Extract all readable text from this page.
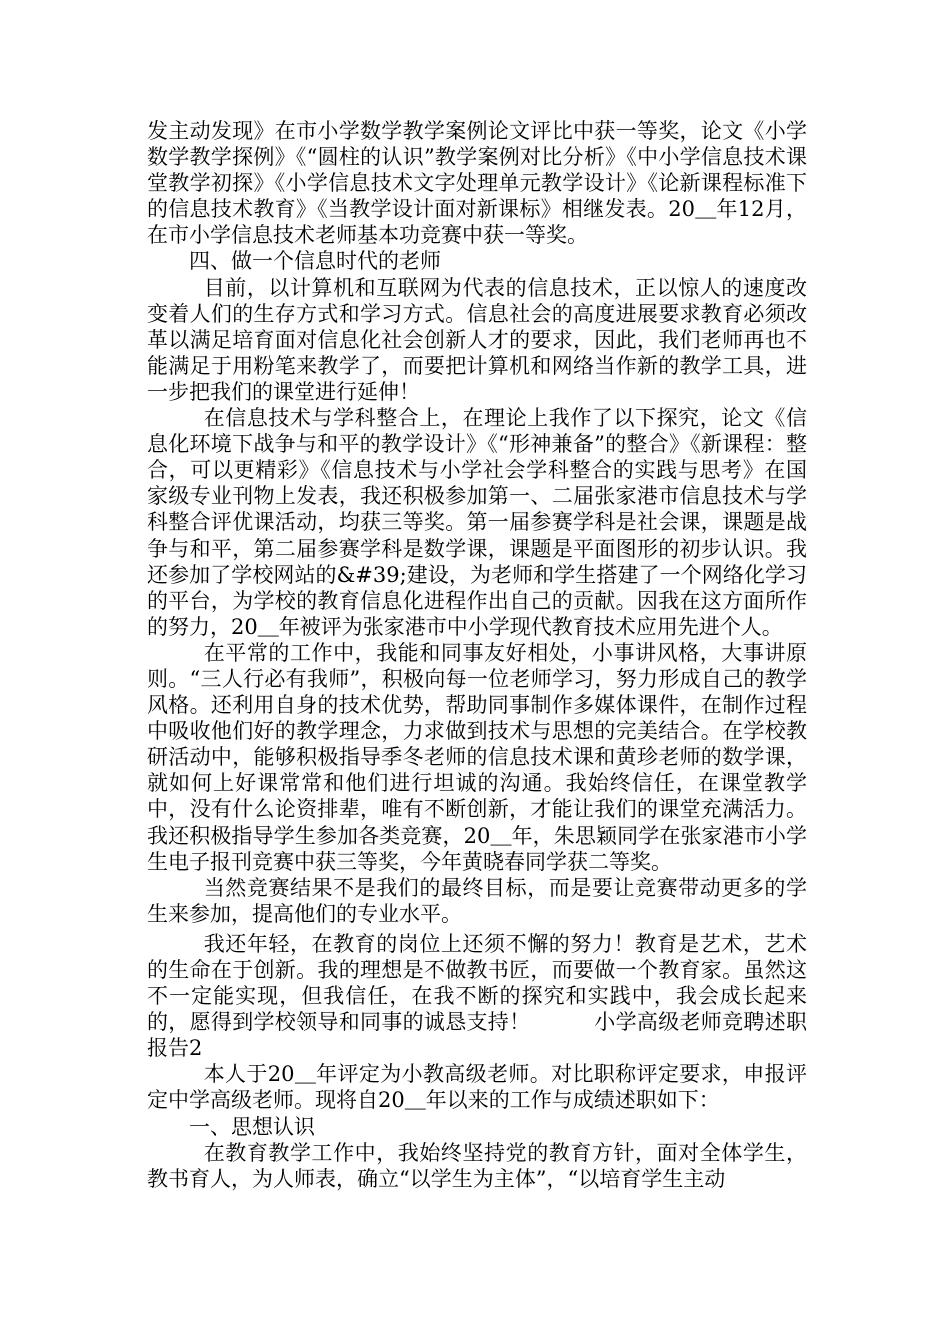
发主动发现》在市小学数学教学案例论文评比中获一等奖，论文《小学数学教学探例》《“圆柱的认识”教学案例对比分析》《中小学信息技术课堂教学初探》《小学信息技术文字处理单元教学设计》《论新课程标准下的信息技术教育》《当教学设计面对新课标》相继发表。20＿年12月，在市小学信息技术老师基本功竞赛中获一等奖。

四、做一个信息时代的老师

目前，以计算机和互联网为代表的信息技术，正以惊人的速度改变着人们的生存方式和学习方式。信息社会的高度进展要求教育必须改革以满足培育面对信息化社会创新人才的要求，因此，我们老师再也不能满足于用粉笔来教学了，而要把计算机和网络当作新的教学工具，进一步把我们的课堂进行延伸！

在信息技术与学科整合上，在理论上我作了以下探究，论文《信息化环境下战争与和平的教学设计》《“形神兼备”的整合》《新课程：整合，可以更精彩》《信息技术与小学社会学科整合的实践与思考》在国家级专业刊物上发表，我还积极参加第一、二届张家港市信息技术与学科整合评优课活动，均获三等奖。第一届参赛学科是社会课，课题是战争与和平，第二届参赛学科是数学课，课题是平面图形的初步认识。我还参加了学校网站的&#39;建设，为老师和学生搭建了一个网络化学习的平台，为学校的教育信息化进程作出自己的贡献。因我在这方面所作的努力，20＿年被评为张家港市中小学现代教育技术应用先进个人。

在平常的工作中，我能和同事友好相处，小事讲风格，大事讲原则。“三人行必有我师”，积极向每一位老师学习，努力形成自己的教学风格。还利用自身的技术优势，帮助同事制作多媒体课件，在制作过程中吸收他们好的教学理念，力求做到技术与思想的完美结合。在学校教研活动中，能够积极指导季冬老师的信息技术课和黄珍老师的数学课，就如何上好课常常和他们进行坦诚的沟通。我始终信任，在课堂教学中，没有什么论资排辈，唯有不断创新，才能让我们的课堂充满活力。我还积极指导学生参加各类竞赛，20＿年，朱思颖同学在张家港市小学生电子报刊竞赛中获三等奖，今年黄晓春同学获二等奖。

当然竞赛结果不是我们的最终目标，而是要让竞赛带动更多的学生来参加，提高他们的专业水平。

我还年轻，在教育的岗位上还须不懈的努力！教育是艺术，艺术的生命在于创新。我的理想是不做教书匠，而要做一个教育家。虽然这不一定能实现，但我信任，在我不断的探究和实践中，我会成长起来的，愿得到学校领导和同事的诚恳支持！　　　小学高级老师竞聘述职报告2

本人于20＿年评定为小教高级老师。对比职称评定要求，申报评定中学高级老师。现将自20＿年以来的工作与成绩述职如下：

一、思想认识

在教育教学工作中，我始终坚持党的教育方针，面对全体学生，教书育人，为人师表，确立“以学生为主体”，“以培育学生主动
